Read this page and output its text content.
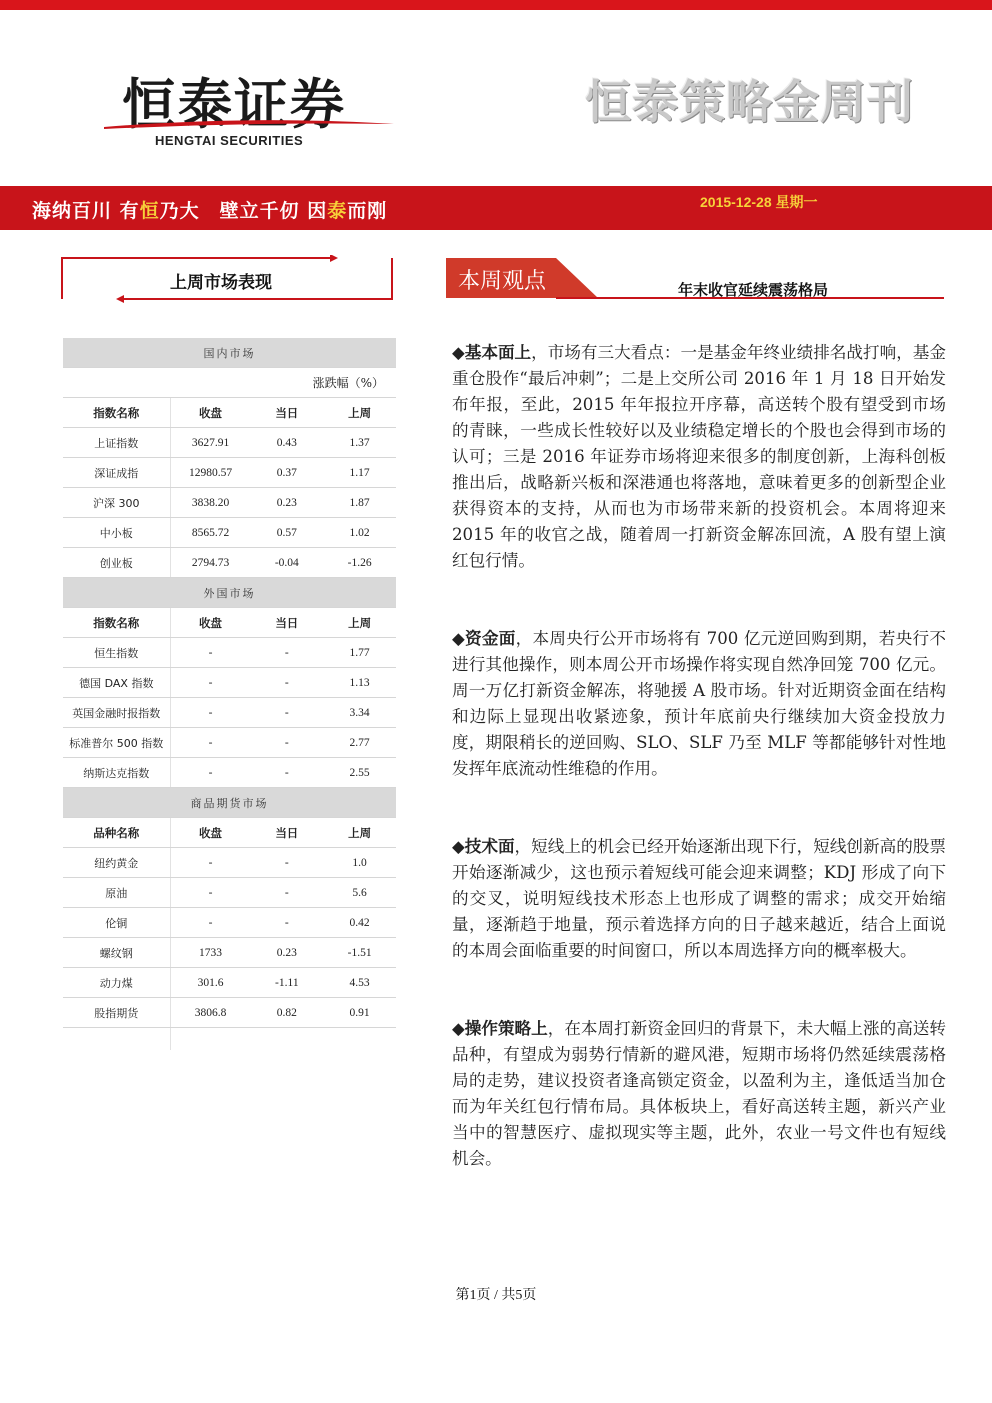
恒泰证券
HENGTAI SECURITIES
恒泰策略金周刊
海纳百川 有恒乃大　壁立千仞 因泰而刚	2015-12-28 星期一
上周市场表现
国内市场			
涨跌幅（%）			
指数名称	收盘	当日	上周
上证指数	3627.91	0.43	1.37
深证成指	12980.57	0.37	1.17
沪深 300	3838.20	0.23	1.87
中小板	8565.72	0.57	1.02
创业板	2794.73	-0.04	-1.26
外国市场			
指数名称	收盘	当日	上周
恒生指数	-	-	1.77
德国 DAX 指数	-	-	1.13
英国金融时报指数	-	-	3.34
标准普尔 500 指数	-	-	2.77
纳斯达克指数	-	-	2.55
商品期货市场			
品种名称	收盘	当日	上周
纽约黄金	-	-	1.0
原油	-	-	5.6
伦铜	-	-	0.42
螺纹钢	1733	0.23	-1.51
动力煤	301.6	-1.11	4.53
股指期货	3806.8	0.82	0.91

本周观点	年末收官延续震荡格局
◆基本面上，市场有三大看点：一是基金年终业绩排名战打响，基金重仓股作“最后冲刺”；二是上交所公司 2016 年 1 月 18 日开始发布年报，至此，2015 年年报拉开序幕，高送转个股有望受到市场的青睐，一些成长性较好以及业绩稳定增长的个股也会得到市场的认可；三是 2016 年证券市场将迎来很多的制度创新，上海科创板推出后，战略新兴板和深港通也将落地，意味着更多的创新型企业获得资本的支持，从而也为市场带来新的投资机会。本周将迎来 2015 年的收官之战，随着周一打新资金解冻回流，A 股有望上演红包行情。
◆资金面，本周央行公开市场将有 700 亿元逆回购到期，若央行不进行其他操作，则本周公开市场操作将实现自然净回笼 700 亿元。周一万亿打新资金解冻，将驰援 A 股市场。针对近期资金面在结构和边际上显现出收紧迹象，预计年底前央行继续加大资金投放力度，期限稍长的逆回购、SLO、SLF 乃至 MLF 等都能够针对性地发挥年底流动性维稳的作用。
◆技术面，短线上的机会已经开始逐渐出现下行，短线创新高的股票开始逐渐减少，这也预示着短线可能会迎来调整；KDJ 形成了向下的交叉，说明短线技术形态上也形成了调整的需求；成交开始缩量，逐渐趋于地量，预示着选择方向的日子越来越近，结合上面说的本周会面临重要的时间窗口，所以本周选择方向的概率极大。
◆操作策略上，在本周打新资金回归的背景下，未大幅上涨的高送转品种，有望成为弱势行情新的避风港，短期市场将仍然延续震荡格局的走势，建议投资者逢高锁定资金，以盈利为主，逢低适当加仓而为年关红包行情布局。具体板块上，看好高送转主题，新兴产业当中的智慧医疗、虚拟现实等主题，此外，农业一号文件也有短线机会。
第1页 / 共5页
